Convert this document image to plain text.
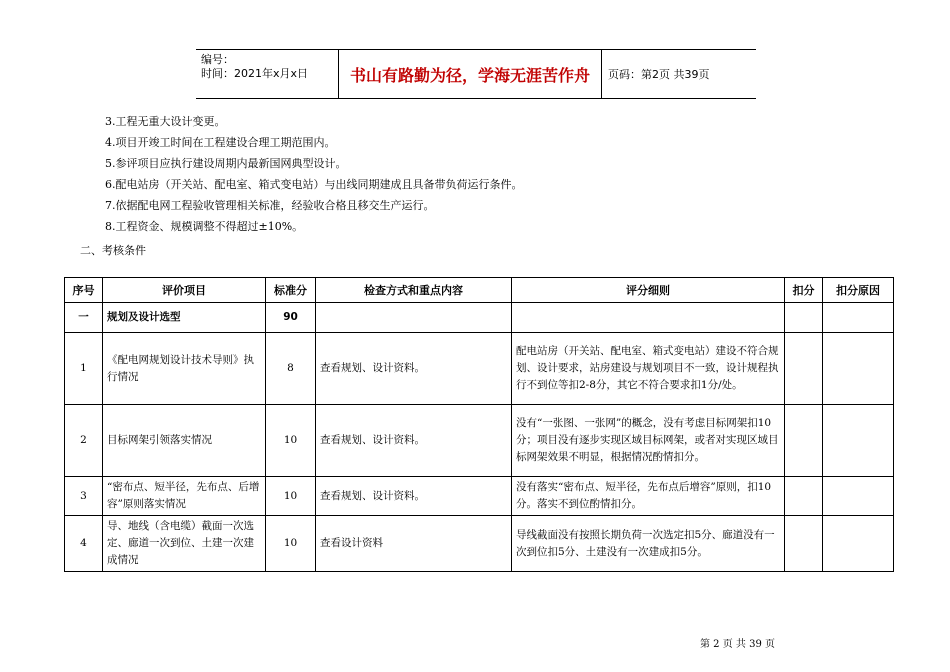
编号：
时间：2021年x月x日	书山有路勤为径，学海无涯苦作舟	页码：第2页 共39页
3.工程无重大设计变更。
4.项目开竣工时间在工程建设合理工期范围内。
5.参评项目应执行建设周期内最新国网典型设计。
6.配电站房（开关站、配电室、箱式变电站）与出线同期建成且具备带负荷运行条件。
7.依据配电网工程验收管理相关标准，经验收合格且移交生产运行。
8.工程资金、规模调整不得超过±10%。
二、考核条件
序号	评价项目	标准分	检查方式和重点内容	评分细则	扣分	扣分原因
一	规划及设计选型	90				
1	《配电网规划设计技术导则》执行情况	8	查看规划、设计资料。	配电站房（开关站、配电室、箱式变电站）建设不符合规划、设计要求，站房建设与规划项目不一致，设计规程执行不到位等扣2-8分，其它不符合要求扣1分/处。		
2	目标网架引领落实情况	10	查看规划、设计资料。	没有“一张图、一张网”的概念，没有考虑目标网架扣10分；项目没有逐步实现区域目标网架，或者对实现区域目标网架效果不明显，根据情况酌情扣分。		
3	“密布点、短半径，先布点、后增容”原则落实情况	10	查看规划、设计资料。	没有落实“密布点、短半径，先布点后增容”原则，扣10分。落实不到位酌情扣分。		
4	导、地线（含电缆）截面一次选定、廊道一次到位、土建一次建成情况	10	查看设计资料	导线截面没有按照长期负荷一次选定扣5分、廊道没有一次到位扣5分、土建没有一次建成扣5分。		
第 2 页 共 39 页
